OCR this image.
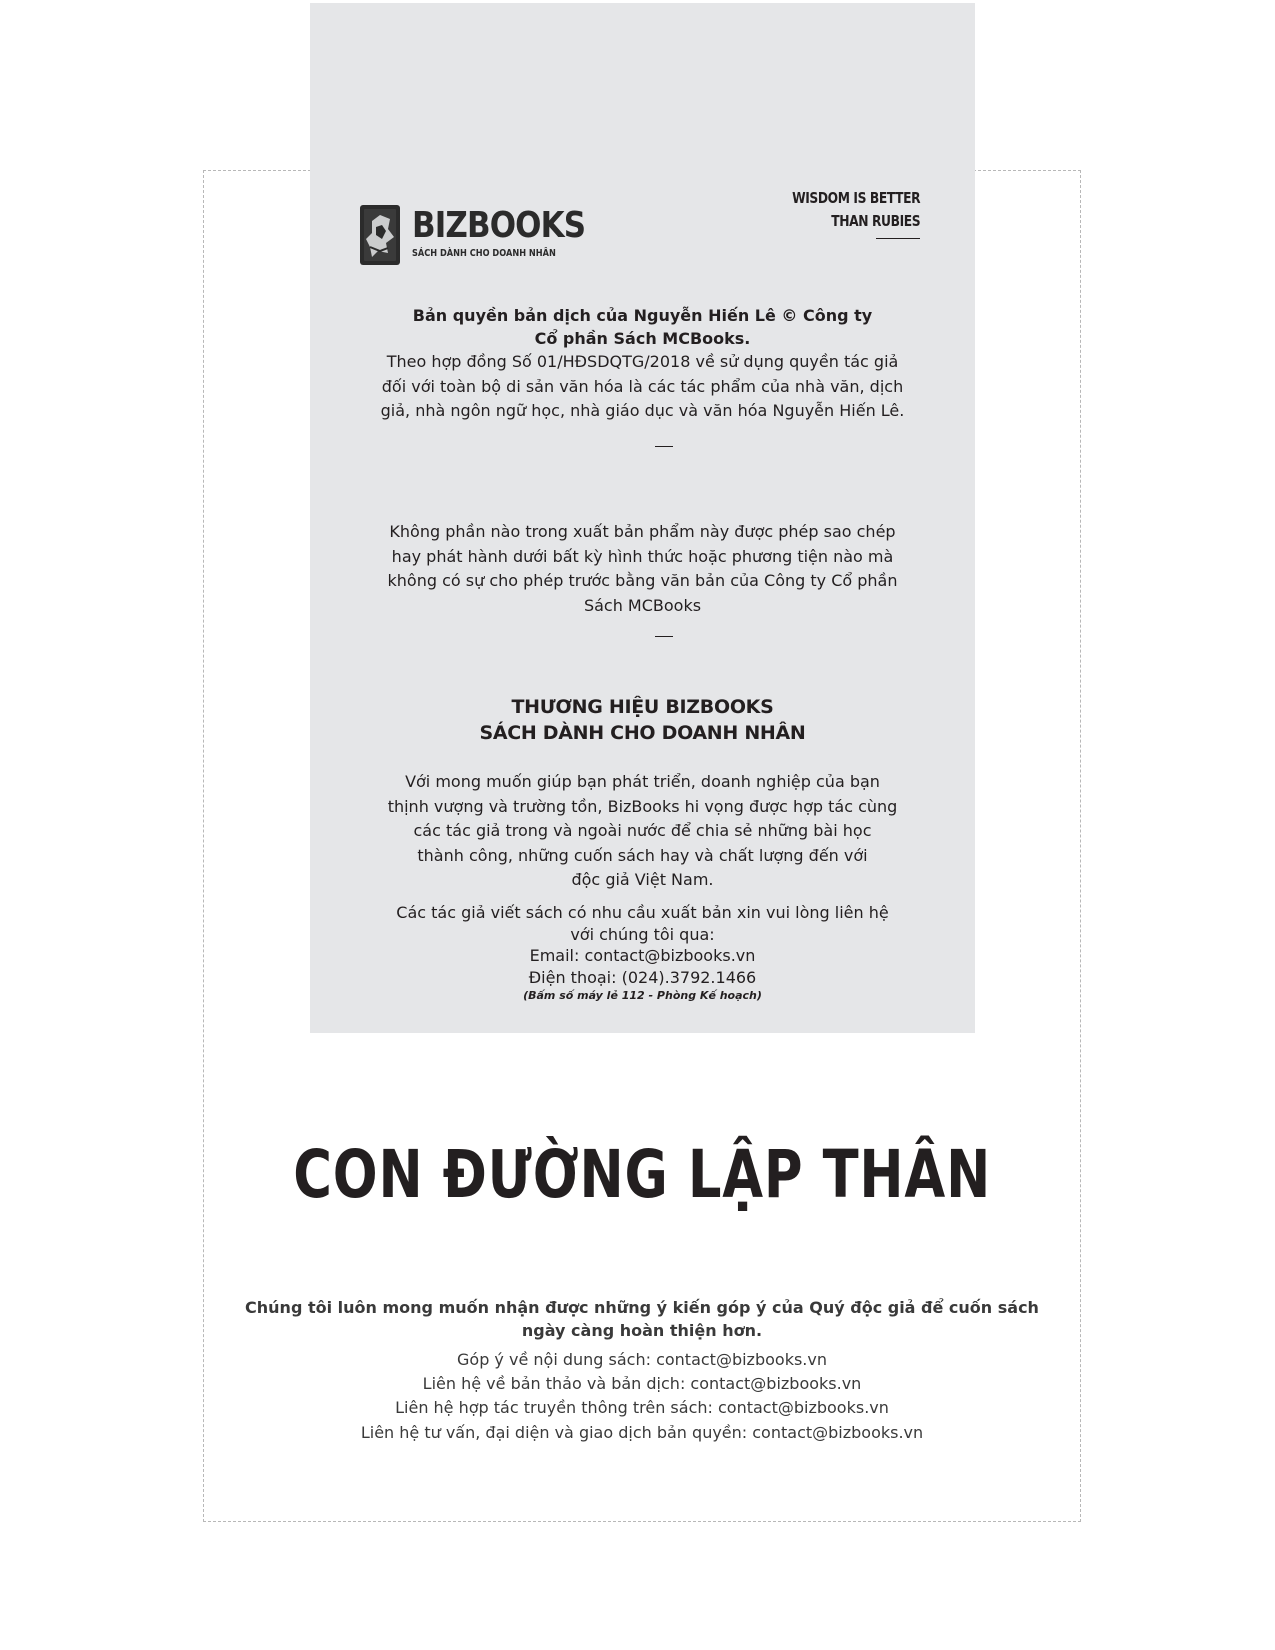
BIZBOOKS
SÁCH DÀNH CHO DOANH NHÂN
WISDOM IS BETTER
THAN RUBIES
Bản quyền bản dịch của Nguyễn Hiến Lê © Công ty
Cổ phần Sách MCBooks.
Theo hợp đồng Số 01/HĐSDQTG/2018 về sử dụng quyền tác giả
đối với toàn bộ di sản văn hóa là các tác phẩm của nhà văn, dịch
giả, nhà ngôn ngữ học, nhà giáo dục và văn hóa Nguyễn Hiến Lê.
Không phần nào trong xuất bản phẩm này được phép sao chép
hay phát hành dưới bất kỳ hình thức hoặc phương tiện nào mà
không có sự cho phép trước bằng văn bản của Công ty Cổ phần
Sách MCBooks
THƯƠNG HIỆU BIZBOOKS
SÁCH DÀNH CHO DOANH NHÂN
Với mong muốn giúp bạn phát triển, doanh nghiệp của bạn
thịnh vượng và trường tồn, BizBooks hi vọng được hợp tác cùng
các tác giả trong và ngoài nước để chia sẻ những bài học
thành công, những cuốn sách hay và chất lượng đến với
độc giả Việt Nam.
Các tác giả viết sách có nhu cầu xuất bản xin vui lòng liên hệ
với chúng tôi qua:
Email: contact@bizbooks.vn
Điện thoại: (024).3792.1466
(Bấm số máy lẻ 112 - Phòng Kế hoạch)
CON ĐƯỜNG LẬP THÂN
Chúng tôi luôn mong muốn nhận được những ý kiến góp ý của Quý độc giả để cuốn sách
ngày càng hoàn thiện hơn.
Góp ý về nội dung sách: contact@bizbooks.vn
Liên hệ về bản thảo và bản dịch: contact@bizbooks.vn
Liên hệ hợp tác truyền thông trên sách: contact@bizbooks.vn
Liên hệ tư vấn, đại diện và giao dịch bản quyền: contact@bizbooks.vn
